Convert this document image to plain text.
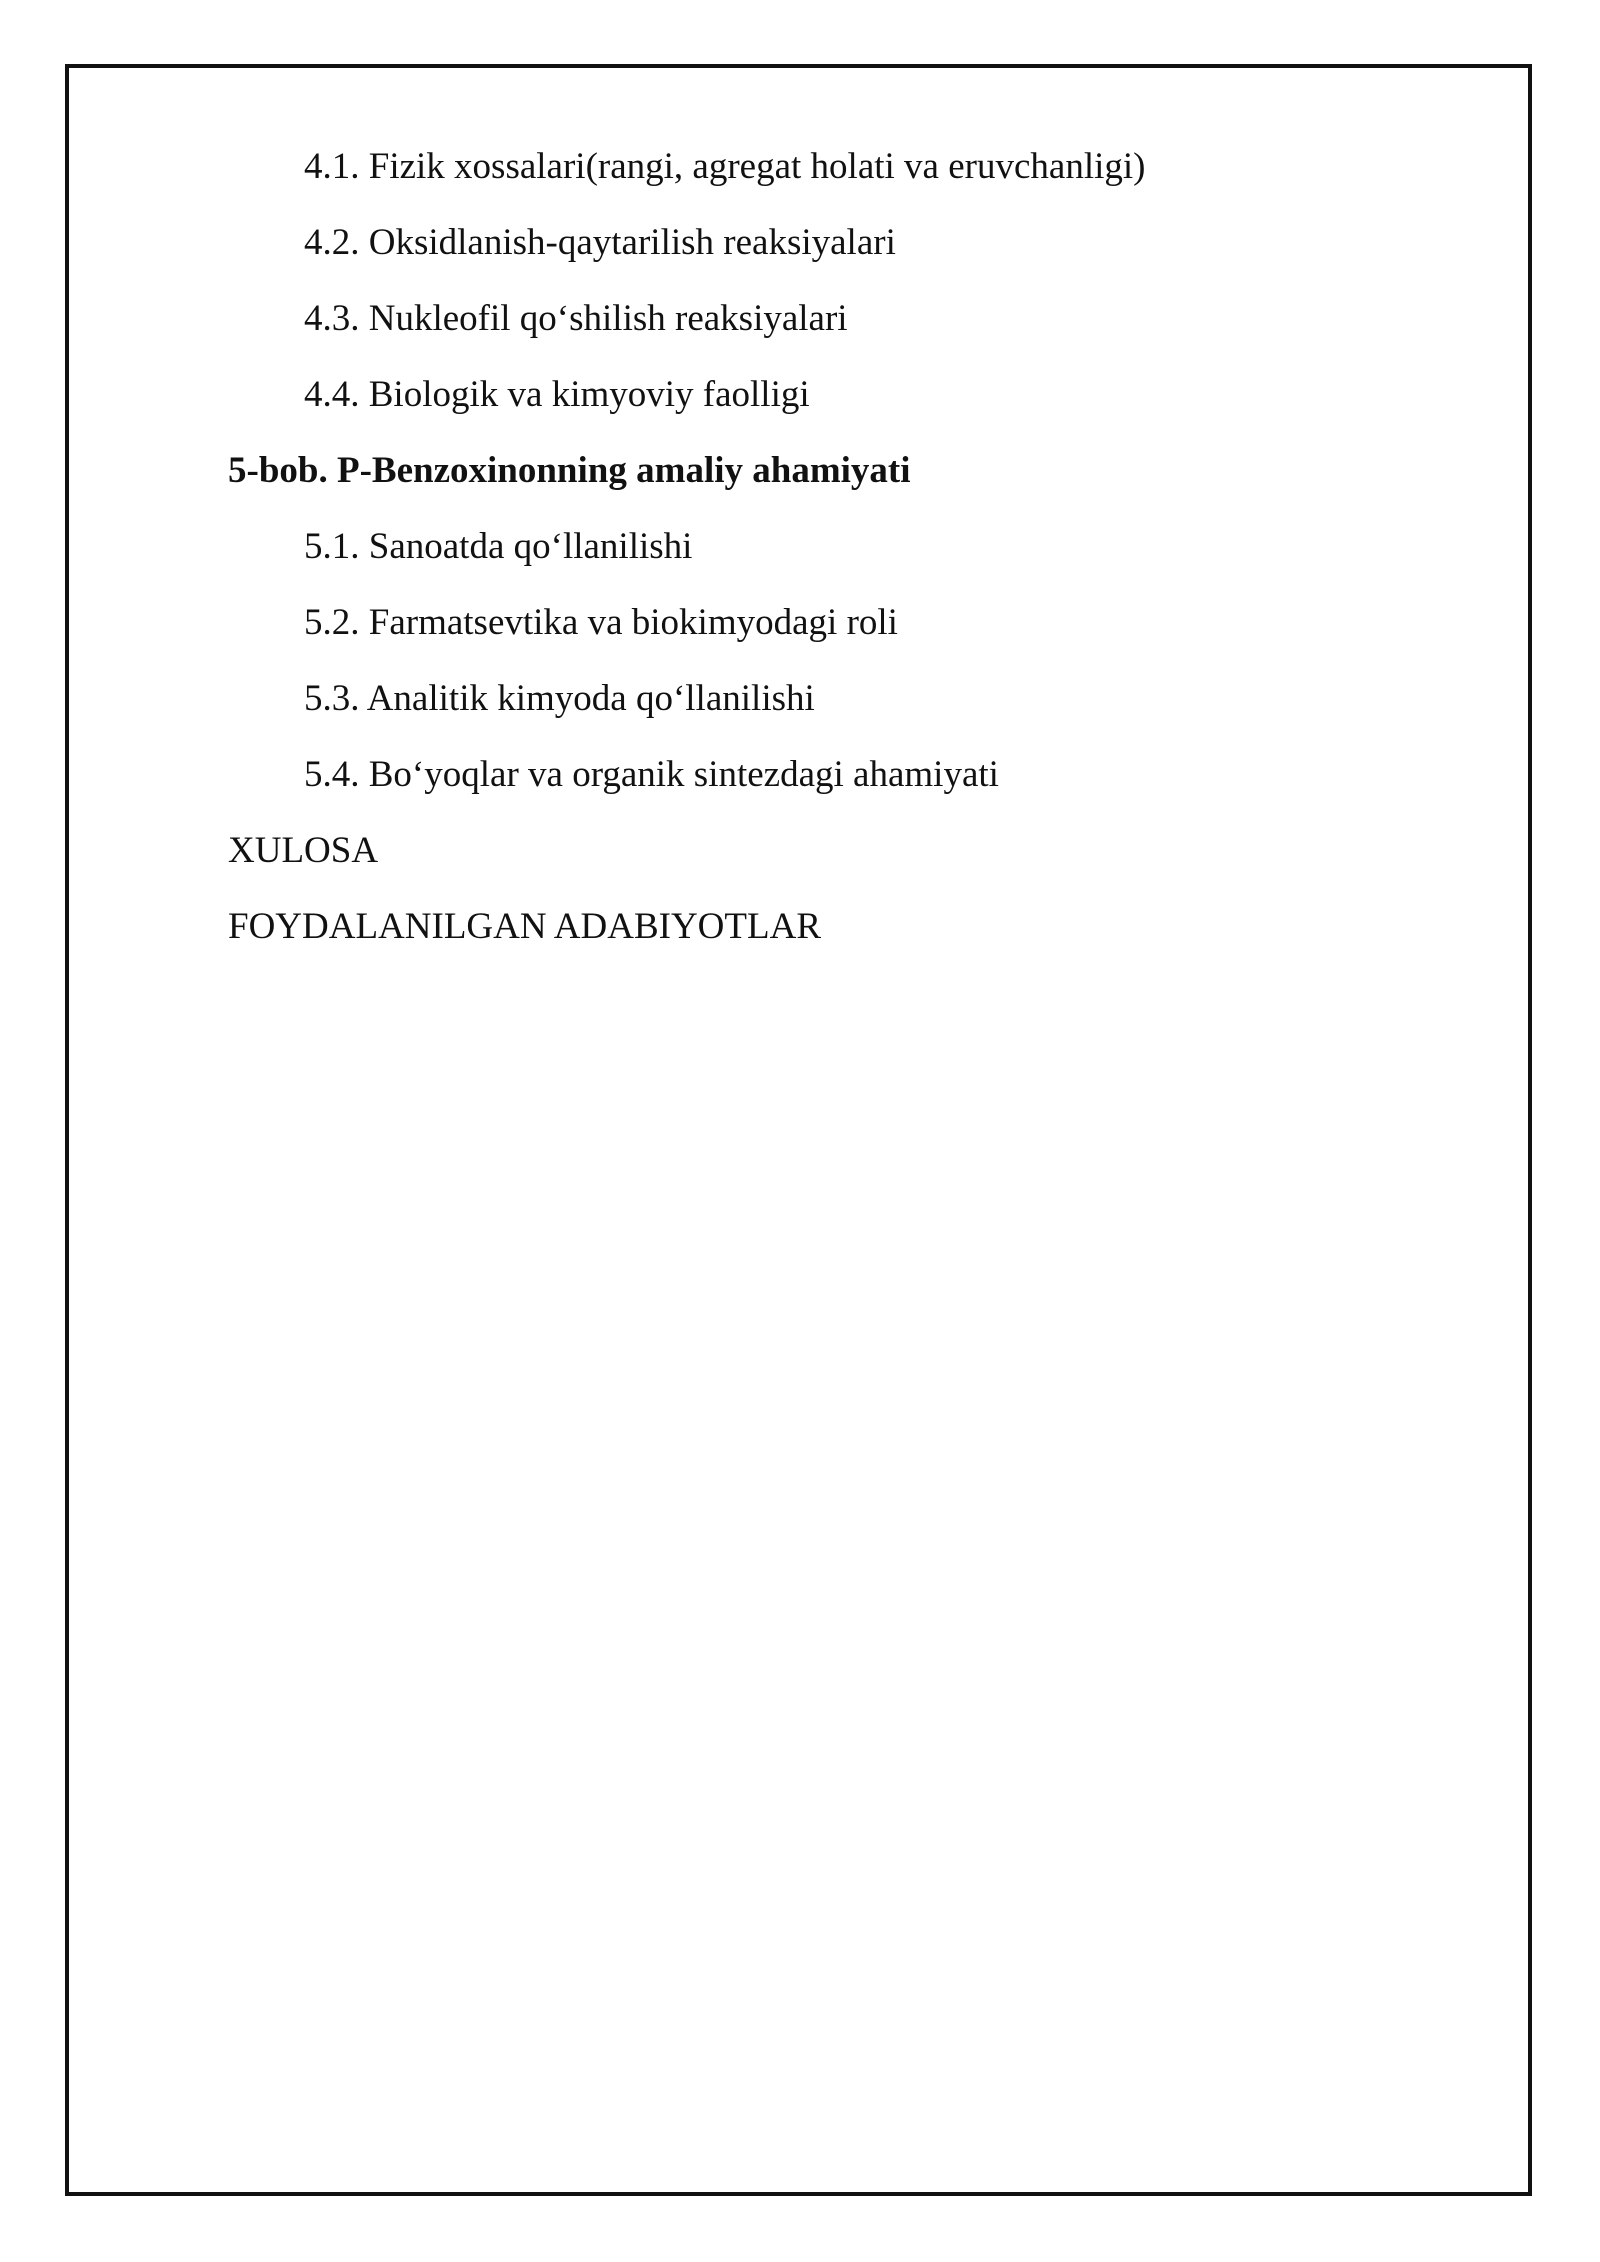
4.1. Fizik xossalari(rangi, agregat holati va eruvchanligi)
4.2. Oksidlanish-qaytarilish reaksiyalari
4.3. Nukleofil qo‘shilish reaksiyalari
4.4. Biologik va kimyoviy faolligi
5-bob. P-Benzoxinonning amaliy ahamiyati
5.1. Sanoatda qo‘llanilishi
5.2. Farmatsevtika va biokimyodagi roli
5.3. Analitik kimyoda qo‘llanilishi
5.4. Bo‘yoqlar va organik sintezdagi ahamiyati
XULOSA
FOYDALANILGAN ADABIYOTLAR
